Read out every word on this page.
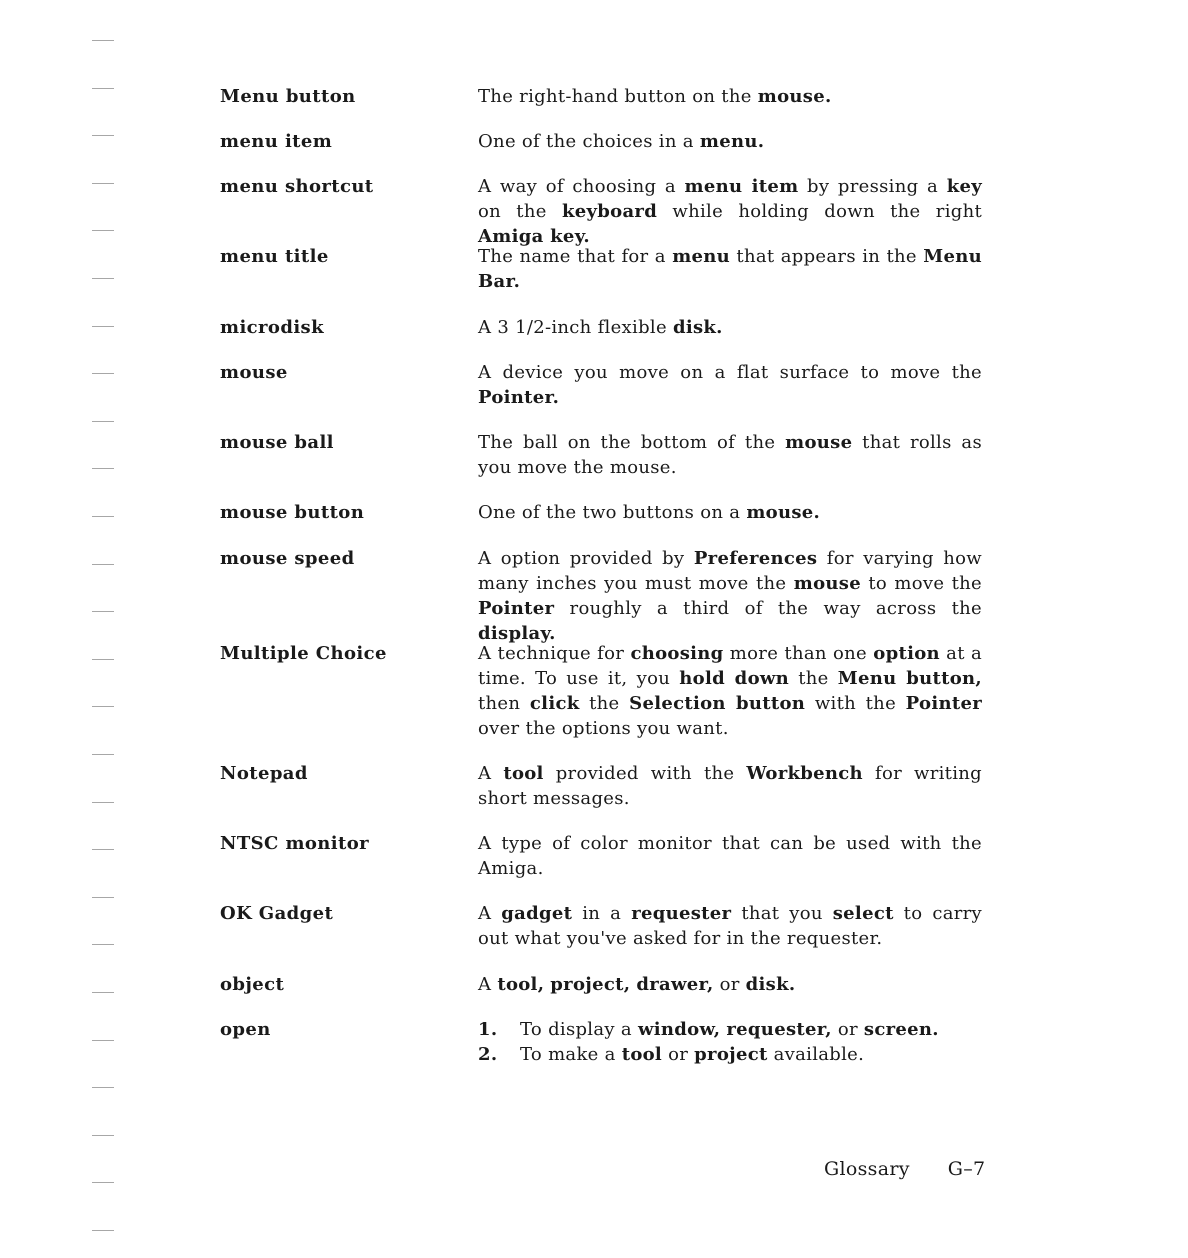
Menu button	The right-hand button on the mouse.

menu item	One of the choices in a menu.

menu shortcut	A way of choosing a menu item by pressing a key on the keyboard while holding down the right Amiga key.

menu title	The name that for a menu that appears in the Menu Bar.

microdisk	A 3 1/2-inch flexible disk.

mouse	A device you move on a flat surface to move the Pointer.

mouse ball	The ball on the bottom of the mouse that rolls as you move the mouse.

mouse button	One of the two buttons on a mouse.

mouse speed	A option provided by Preferences for varying how many inches you must move the mouse to move the Pointer roughly a third of the way across the display.

Multiple Choice	A technique for choosing more than one option at a time. To use it, you hold down the Menu button, then click the Selection button with the Pointer over the options you want.

Notepad	A tool provided with the Workbench for writing short messages.

NTSC monitor	A type of color monitor that can be used with the Amiga.

OK Gadget	A gadget in a requester that you select to carry out what you've asked for in the requester.

object	A tool, project, drawer, or disk.

open	1. To display a window, requester, or screen.
2. To make a tool or project available.
Glossary G–7
